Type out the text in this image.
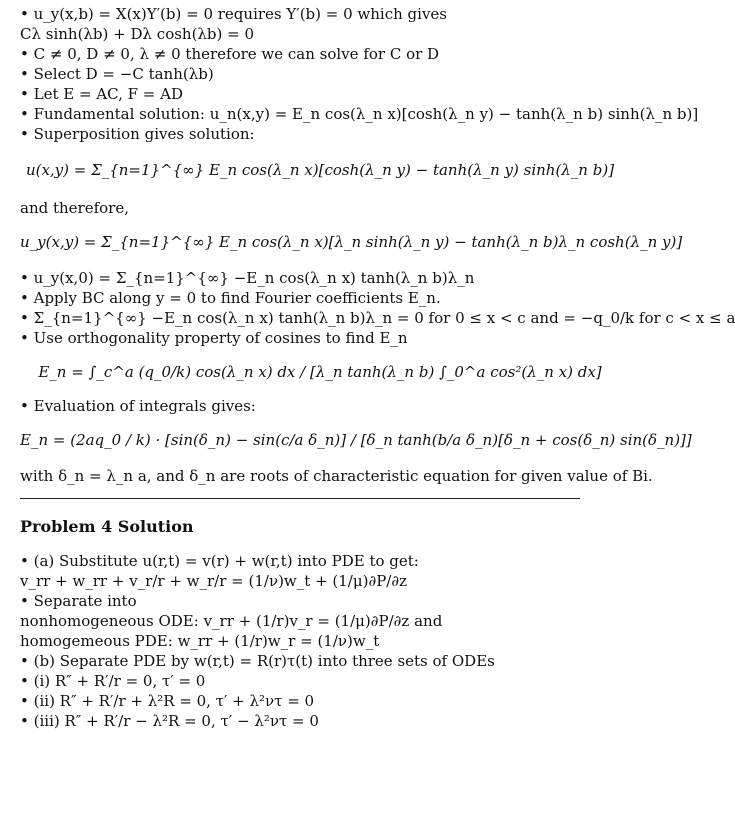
• u_y(x,b) = X(x)Y′(b) = 0 requires Y′(b) = 0 which gives
Cλ sinh(λb) + Dλ cosh(λb) = 0
• C ≠ 0, D ≠ 0, λ ≠ 0 therefore we can solve for C or D
• Select D = −C tanh(λb)
• Let E = AC, F = AD
• Fundamental solution: u_n(x,y) = E_n cos(λ_n x)[cosh(λ_n y) − tanh(λ_n b) sinh(λ_n b)]
• Superposition gives solution:
u(x,y) = Σ_{n=1}^{∞} E_n cos(λ_n x)[cosh(λ_n y) − tanh(λ_n y) sinh(λ_n b)]
and therefore,
u_y(x,y) = Σ_{n=1}^{∞} E_n cos(λ_n x)[λ_n sinh(λ_n y) − tanh(λ_n b)λ_n cosh(λ_n y)]
• u_y(x,0) = Σ_{n=1}^{∞} −E_n cos(λ_n x) tanh(λ_n b)λ_n
• Apply BC along y = 0 to find Fourier coefficients E_n.
• Σ_{n=1}^{∞} −E_n cos(λ_n x) tanh(λ_n b)λ_n = 0 for 0 ≤ x < c and = −q_0/k for c < x ≤ a
• Use orthogonality property of cosines to find E_n
E_n = ∫_c^a (q_0/k) cos(λ_n x) dx / [λ_n tanh(λ_n b) ∫_0^a cos²(λ_n x) dx]
• Evaluation of integrals gives:
E_n = (2aq_0 / k) · [sin(δ_n) − sin(c/a δ_n)] / [δ_n tanh(b/a δ_n)[δ_n + cos(δ_n) sin(δ_n)]]
with δ_n = λ_n a, and δ_n are roots of characteristic equation for given value of Bi.
Problem 4 Solution
• (a) Substitute u(r,t) = v(r) + w(r,t) into PDE to get:
v_rr + w_rr + v_r/r + w_r/r = (1/ν)w_t + (1/μ)∂P/∂z
• Separate into
nonhomogeneous ODE: v_rr + (1/r)v_r = (1/μ)∂P/∂z and
homogemeous PDE: w_rr + (1/r)w_r = (1/ν)w_t
• (b) Separate PDE by w(r,t) = R(r)τ(t) into three sets of ODEs
• (i) R″ + R′/r = 0, τ′ = 0
• (ii) R″ + R′/r + λ²R = 0, τ′ + λ²ντ = 0
• (iii) R″ + R′/r − λ²R = 0, τ′ − λ²ντ = 0
